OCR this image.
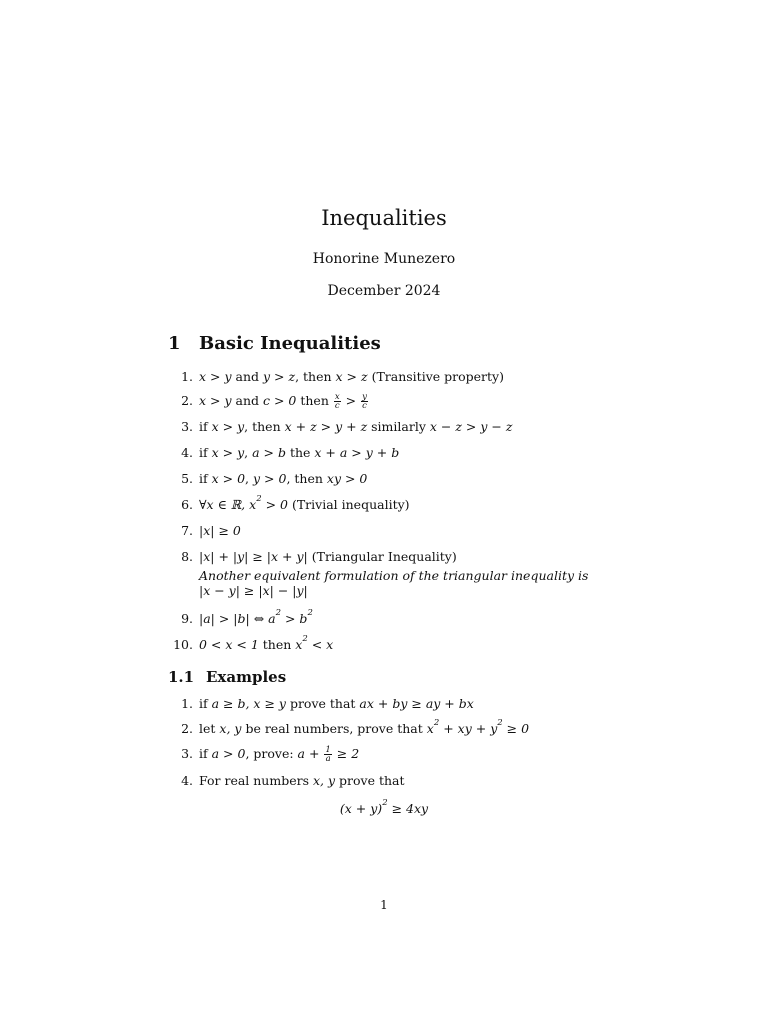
Inequalities
Honorine Munezero
December 2024
1 Basic Inequalities
1. x > y and y > z, then x > z (Transitive property)
2. x > y and c > 0 then $\frac{x}{c} > \frac{y}{c}$
3. if x > y, then x + z > y + z similarly x − z > y − z
4. if x > y, a > b the x + a > y + b
5. if x > 0, y > 0, then xy > 0
6. ∀x ∈ ℝ, $x^2 > 0$ (Trivial inequality)
7. |x| ≥ 0
8. |x| + |y| ≥ |x + y| (Triangular Inequality)
Another equivalent formulation of the triangular inequality is |x − y| ≥ |x| − |y|
9. |a| > |b| ⇔ $a^2 > b^2$
10. 0 < x < 1 then $x^2 < x$
1.1 Examples
1. if a ≥ b, x ≥ y prove that ax + by ≥ ay + bx
2. let x, y be real numbers, prove that $x^2$ + xy + $y^2 \ge 0$
3. if a > 0, prove: $a + \frac{1}{a} \ge 2$
4. For real numbers x, y prove that
$(x + y)^2 \ge 4xy$
1
